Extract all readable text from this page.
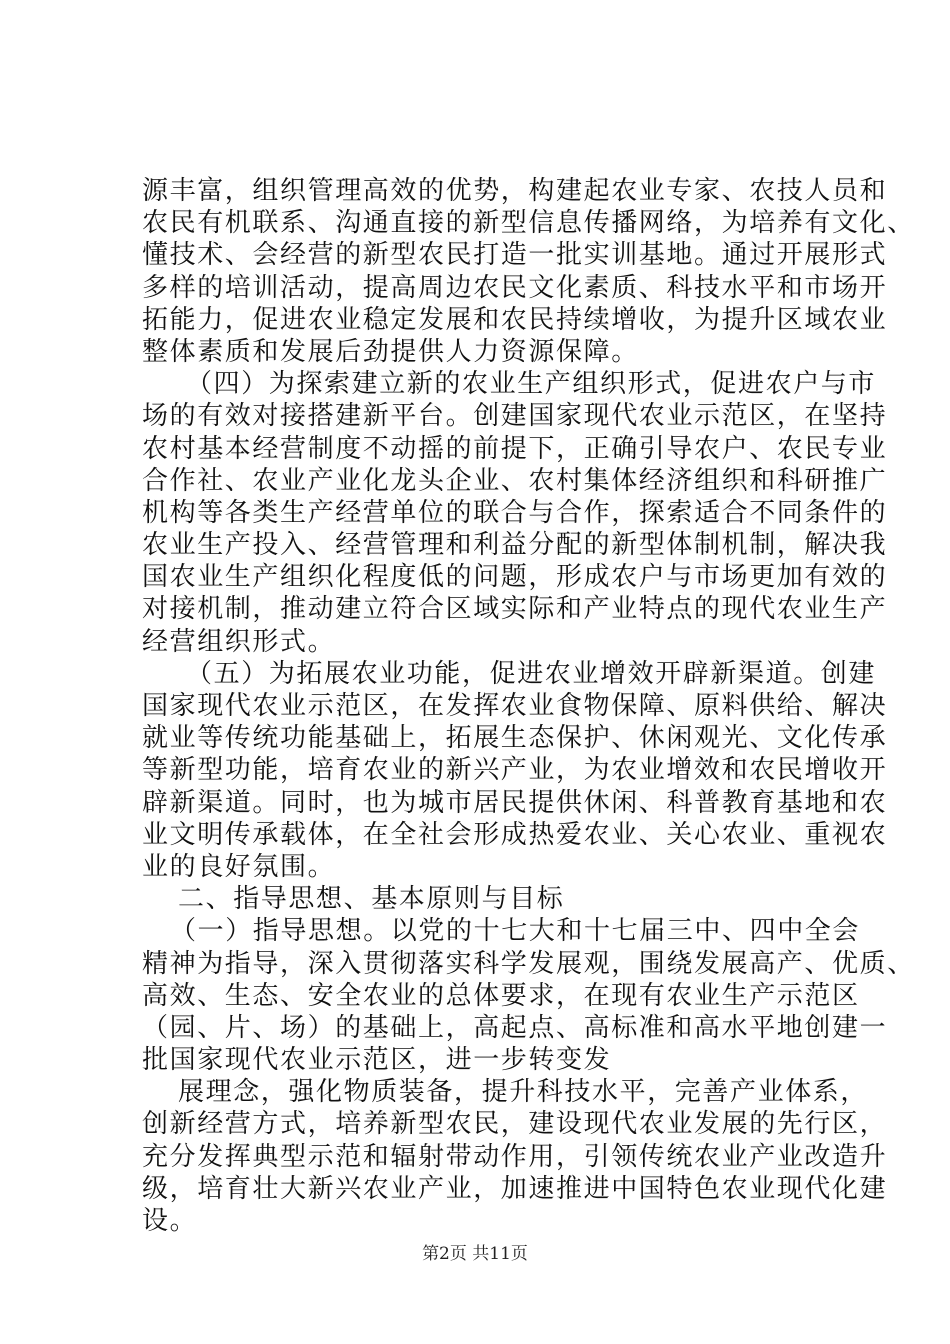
源丰富，组织管理高效的优势，构建起农业专家、农技人员和
农民有机联系、沟通直接的新型信息传播网络，为培养有文化、
懂技术、会经营的新型农民打造一批实训基地。通过开展形式
多样的培训活动，提高周边农民文化素质、科技水平和市场开
拓能力，促进农业稳定发展和农民持续增收，为提升区域农业
整体素质和发展后劲提供人力资源保障。
（四）为探索建立新的农业生产组织形式，促进农户与市
场的有效对接搭建新平台。创建国家现代农业示范区，在坚持
农村基本经营制度不动摇的前提下，正确引导农户、农民专业
合作社、农业产业化龙头企业、农村集体经济组织和科研推广
机构等各类生产经营单位的联合与合作，探索适合不同条件的
农业生产投入、经营管理和利益分配的新型体制机制，解决我
国农业生产组织化程度低的问题，形成农户与市场更加有效的
对接机制，推动建立符合区域实际和产业特点的现代农业生产
经营组织形式。
（五）为拓展农业功能，促进农业增效开辟新渠道。创建
国家现代农业示范区，在发挥农业食物保障、原料供给、解决
就业等传统功能基础上，拓展生态保护、休闲观光、文化传承
等新型功能，培育农业的新兴产业，为农业增效和农民增收开
辟新渠道。同时，也为城市居民提供休闲、科普教育基地和农
业文明传承载体，在全社会形成热爱农业、关心农业、重视农
业的良好氛围。
二、指导思想、基本原则与目标
（一）指导思想。以党的十七大和十七届三中、四中全会
精神为指导，深入贯彻落实科学发展观，围绕发展高产、优质、
高效、生态、安全农业的总体要求，在现有农业生产示范区
（园、片、场）的基础上，高起点、高标准和高水平地创建一
批国家现代农业示范区，进一步转变发
展理念，强化物质装备，提升科技水平，完善产业体系，
创新经营方式，培养新型农民，建设现代农业发展的先行区，
充分发挥典型示范和辐射带动作用，引领传统农业产业改造升
级，培育壮大新兴农业产业，加速推进中国特色农业现代化建
设。
第2页 共11页
